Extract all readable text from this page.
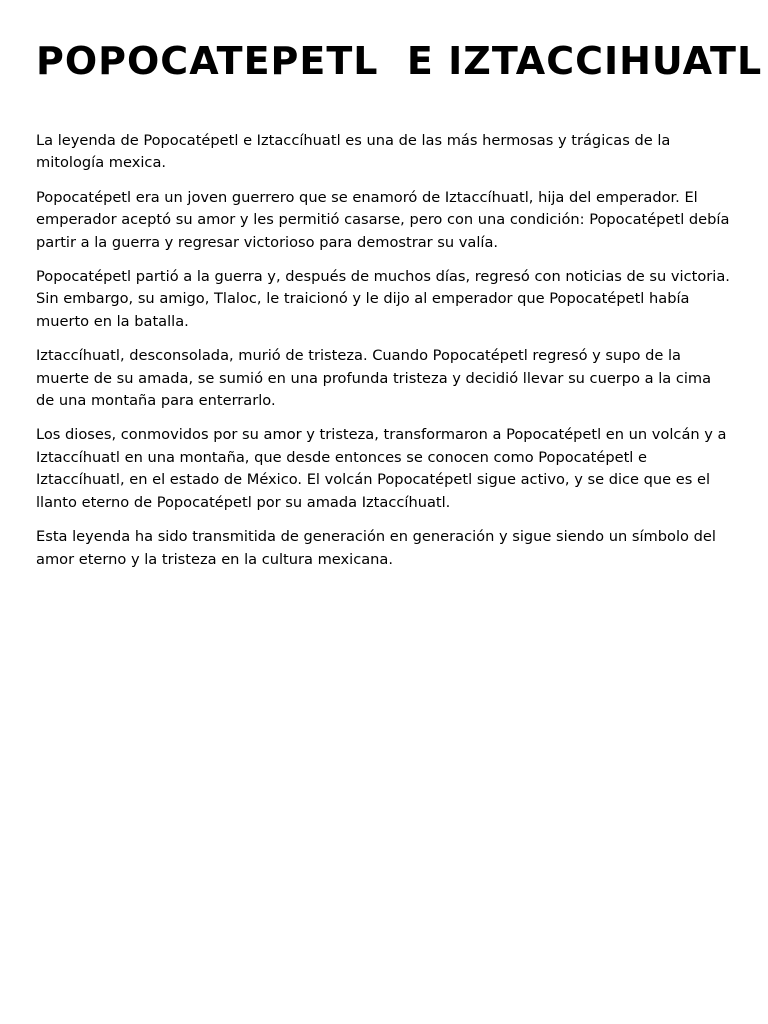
POPOCATEPETL  E IZTACCIHUATL

La leyenda de Popocatépetl e Iztaccíhuatl es una de las más hermosas y trágicas de la mitología mexica.

Popocatépetl era un joven guerrero que se enamoró de Iztaccíhuatl, hija del emperador. El emperador aceptó su amor y les permitió casarse, pero con una condición: Popocatépetl debía partir a la guerra y regresar victorioso para demostrar su valía.

Popocatépetl partió a la guerra y, después de muchos días, regresó con noticias de su victoria. Sin embargo, su amigo, Tlaloc, le traicionó y le dijo al emperador que Popocatépetl había muerto en la batalla.

Iztaccíhuatl, desconsolada, murió de tristeza. Cuando Popocatépetl regresó y supo de la muerte de su amada, se sumió en una profunda tristeza y decidió llevar su cuerpo a la cima de una montaña para enterrarlo.

Los dioses, conmovidos por su amor y tristeza, transformaron a Popocatépetl en un volcán y a Iztaccíhuatl en una montaña, que desde entonces se conocen como Popocatépetl e Iztaccíhuatl, en el estado de México. El volcán Popocatépetl sigue activo, y se dice que es el llanto eterno de Popocatépetl por su amada Iztaccíhuatl.

Esta leyenda ha sido transmitida de generación en generación y sigue siendo un símbolo del amor eterno y la tristeza en la cultura mexicana.
